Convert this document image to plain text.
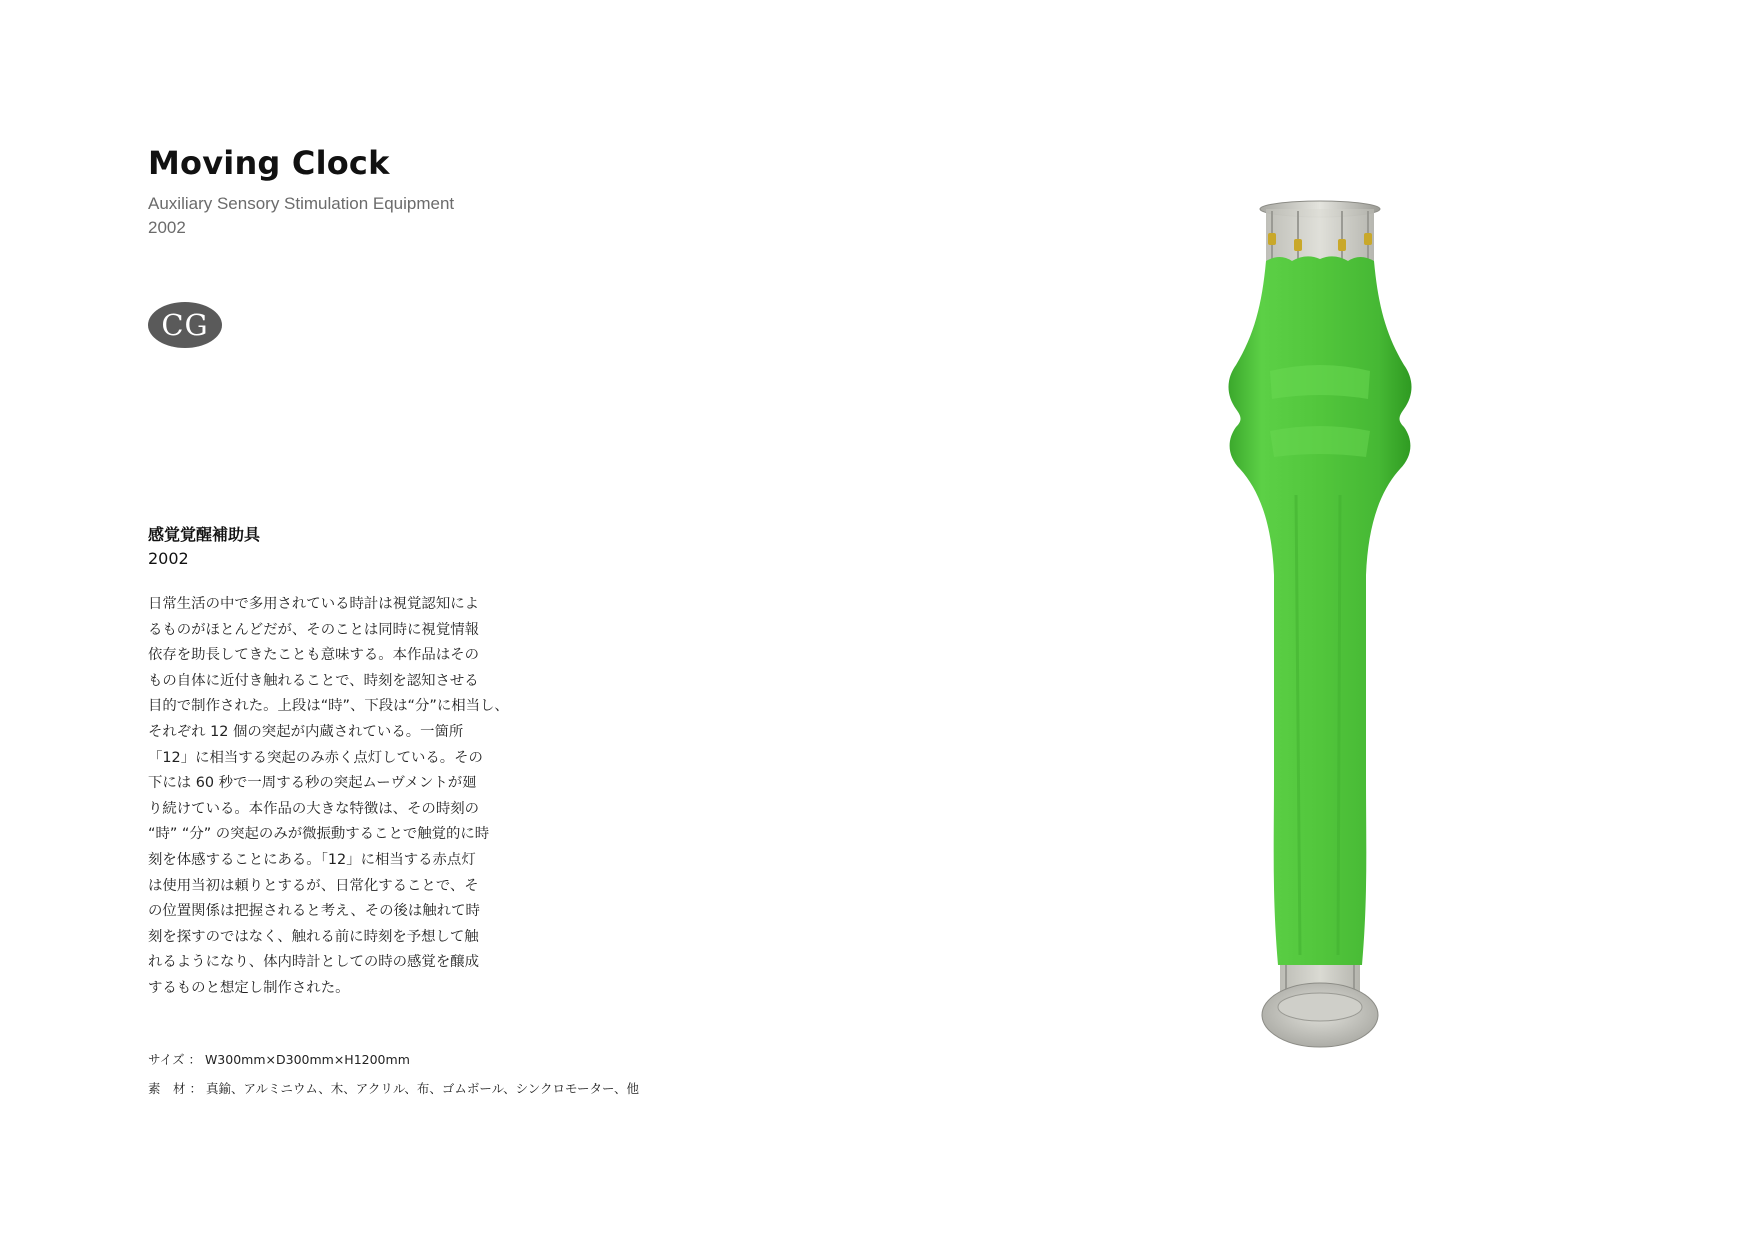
Moving Clock
Auxiliary Sensory Stimulation Equipment
2002
CG
感覚覚醒補助具
2002
日常生活の中で多用されている時計は視覚認知によ
るものがほとんどだが、そのことは同時に視覚情報
依存を助長してきたことも意味する。本作品はその
もの自体に近付き触れることで、時刻を認知させる
目的で制作された。上段は“時”、下段は“分”に相当し、
それぞれ 12 個の突起が内蔵されている。一箇所
「12」に相当する突起のみ赤く点灯している。その
下には 60 秒で一周する秒の突起ムーヴメントが廻
り続けている。本作品の大きな特徴は、その時刻の
“時” “分” の突起のみが微振動することで触覚的に時
刻を体感することにある。「12」に相当する赤点灯
は使用当初は頼りとするが、日常化することで、そ
の位置関係は把握されると考え、その後は触れて時
刻を探すのではなく、触れる前に時刻を予想して触
れるようになり、体内時計としての時の感覚を醸成
するものと想定し制作された。
サイズ ： W300mm×D300mm×H1200mm
素　材 ： 真鍮、アルミニウム、木、アクリル、布、ゴムボール、シンクロモーター、他
